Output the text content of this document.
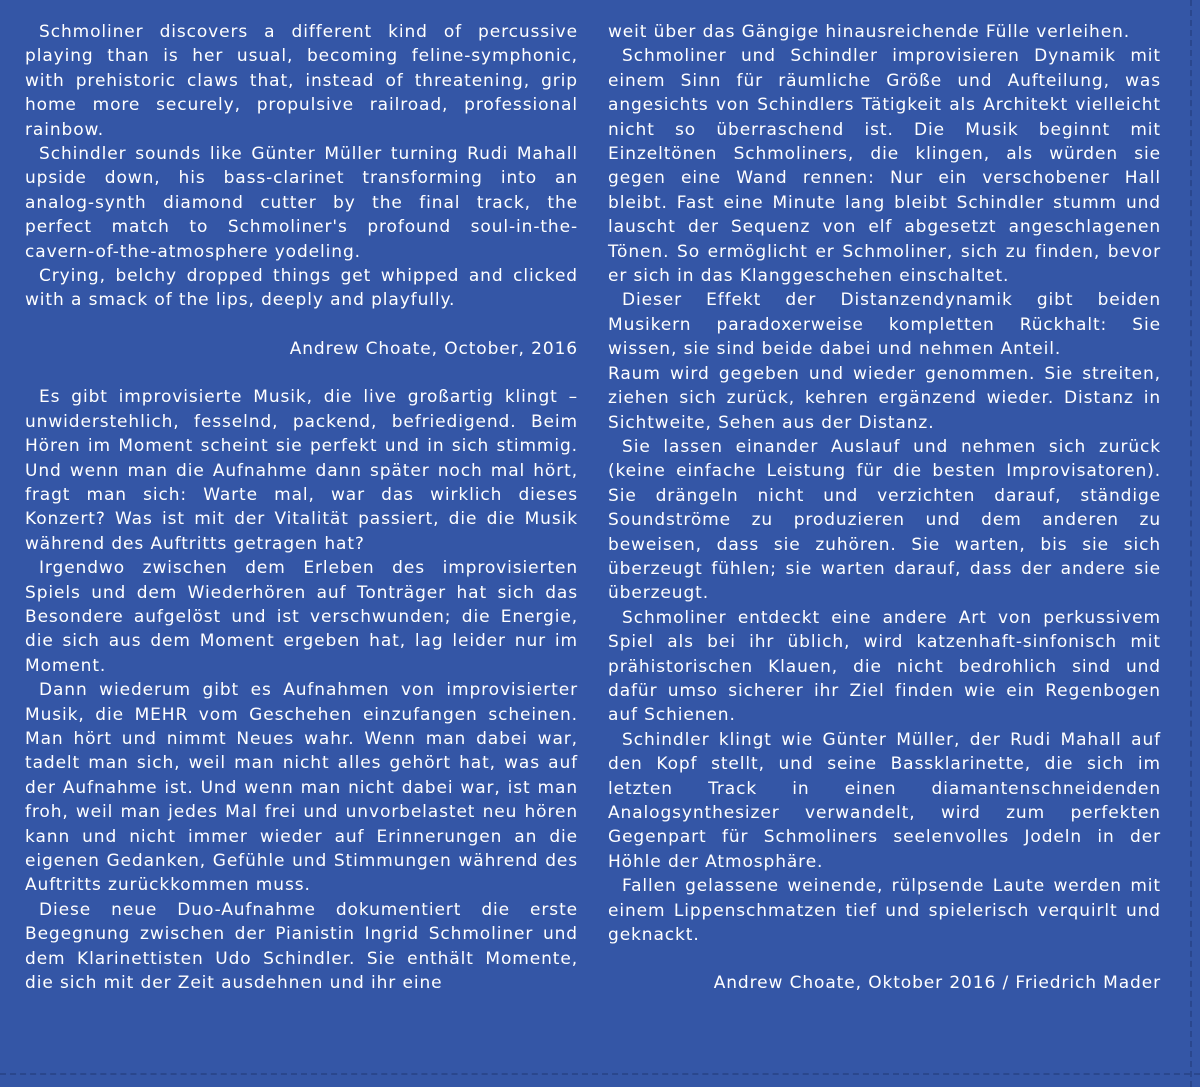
Schmoliner discovers a different kind of percussive playing than is her usual, becoming feline-symphonic, with prehistoric claws that, instead of threatening, grip home more securely, propulsive railroad, professional rainbow.

Schindler sounds like Günter Müller turning Rudi Mahall upside down, his bass-clarinet transforming into an analog-synth diamond cutter by the final track, the perfect match to Schmoliner's profound soul-in-the-cavern-of-the-atmosphere yodeling.

Crying, belchy dropped things get whipped and clicked with a smack of the lips, deeply and playfully.

Andrew Choate, October, 2016

Es gibt improvisierte Musik, die live großartig klingt – unwiderstehlich, fesselnd, packend, befriedigend. Beim Hören im Moment scheint sie perfekt und in sich stimmig. Und wenn man die Aufnahme dann später noch mal hört, fragt man sich: Warte mal, war das wirklich dieses Konzert? Was ist mit der Vitalität passiert, die die Musik während des Auftritts getragen hat?

Irgendwo zwischen dem Erleben des improvisierten Spiels und dem Wiederhören auf Tonträger hat sich das Besondere aufgelöst und ist verschwunden; die Energie, die sich aus dem Moment ergeben hat, lag leider nur im Moment.

Dann wiederum gibt es Aufnahmen von improvisierter Musik, die MEHR vom Geschehen einzufangen scheinen. Man hört und nimmt Neues wahr. Wenn man dabei war, tadelt man sich, weil man nicht alles gehört hat, was auf der Aufnahme ist. Und wenn man nicht dabei war, ist man froh, weil man jedes Mal frei und unvorbelastet neu hören kann und nicht immer wieder auf Erinnerungen an die eigenen Gedanken, Gefühle und Stimmungen während des Auftritts zurückkommen muss.

Diese neue Duo-Aufnahme dokumentiert die erste Begegnung zwischen der Pianistin Ingrid Schmoliner und dem Klarinettisten Udo Schindler. Sie enthält Momente, die sich mit der Zeit ausdehnen und ihr eine

weit über das Gängige hinausreichende Fülle verleihen.

Schmoliner und Schindler improvisieren Dynamik mit einem Sinn für räumliche Größe und Aufteilung, was angesichts von Schindlers Tätigkeit als Architekt vielleicht nicht so überraschend ist. Die Musik beginnt mit Einzeltönen Schmoliners, die klingen, als würden sie gegen eine Wand rennen: Nur ein verschobener Hall bleibt. Fast eine Minute lang bleibt Schindler stumm und lauscht der Sequenz von elf abgesetzt angeschlagenen Tönen. So ermöglicht er Schmoliner, sich zu finden, bevor er sich in das Klanggeschehen einschaltet.

Dieser Effekt der Distanzendynamik gibt beiden Musikern paradoxerweise kompletten Rückhalt: Sie wissen, sie sind beide dabei und nehmen Anteil.

Raum wird gegeben und wieder genommen. Sie streiten, ziehen sich zurück, kehren ergänzend wieder. Distanz in Sichtweite, Sehen aus der Distanz.

Sie lassen einander Auslauf und nehmen sich zurück (keine einfache Leistung für die besten Improvisatoren). Sie drängeln nicht und verzichten darauf, ständige Soundströme zu produzieren und dem anderen zu beweisen, dass sie zuhören. Sie warten, bis sie sich überzeugt fühlen; sie warten darauf, dass der andere sie überzeugt.

Schmoliner entdeckt eine andere Art von perkussivem Spiel als bei ihr üblich, wird katzenhaft-sinfonisch mit prähistorischen Klauen, die nicht bedrohlich sind und dafür umso sicherer ihr Ziel finden wie ein Regenbogen auf Schienen.

Schindler klingt wie Günter Müller, der Rudi Mahall auf den Kopf stellt, und seine Bassklarinette, die sich im letzten Track in einen diamantenschneidenden Analogsynthesizer verwandelt, wird zum perfekten Gegenpart für Schmoliners seelenvolles Jodeln in der Höhle der Atmosphäre.

Fallen gelassene weinende, rülpsende Laute werden mit einem Lippenschmatzen tief und spielerisch verquirlt und geknackt.

Andrew Choate, Oktober 2016 / Friedrich Mader
